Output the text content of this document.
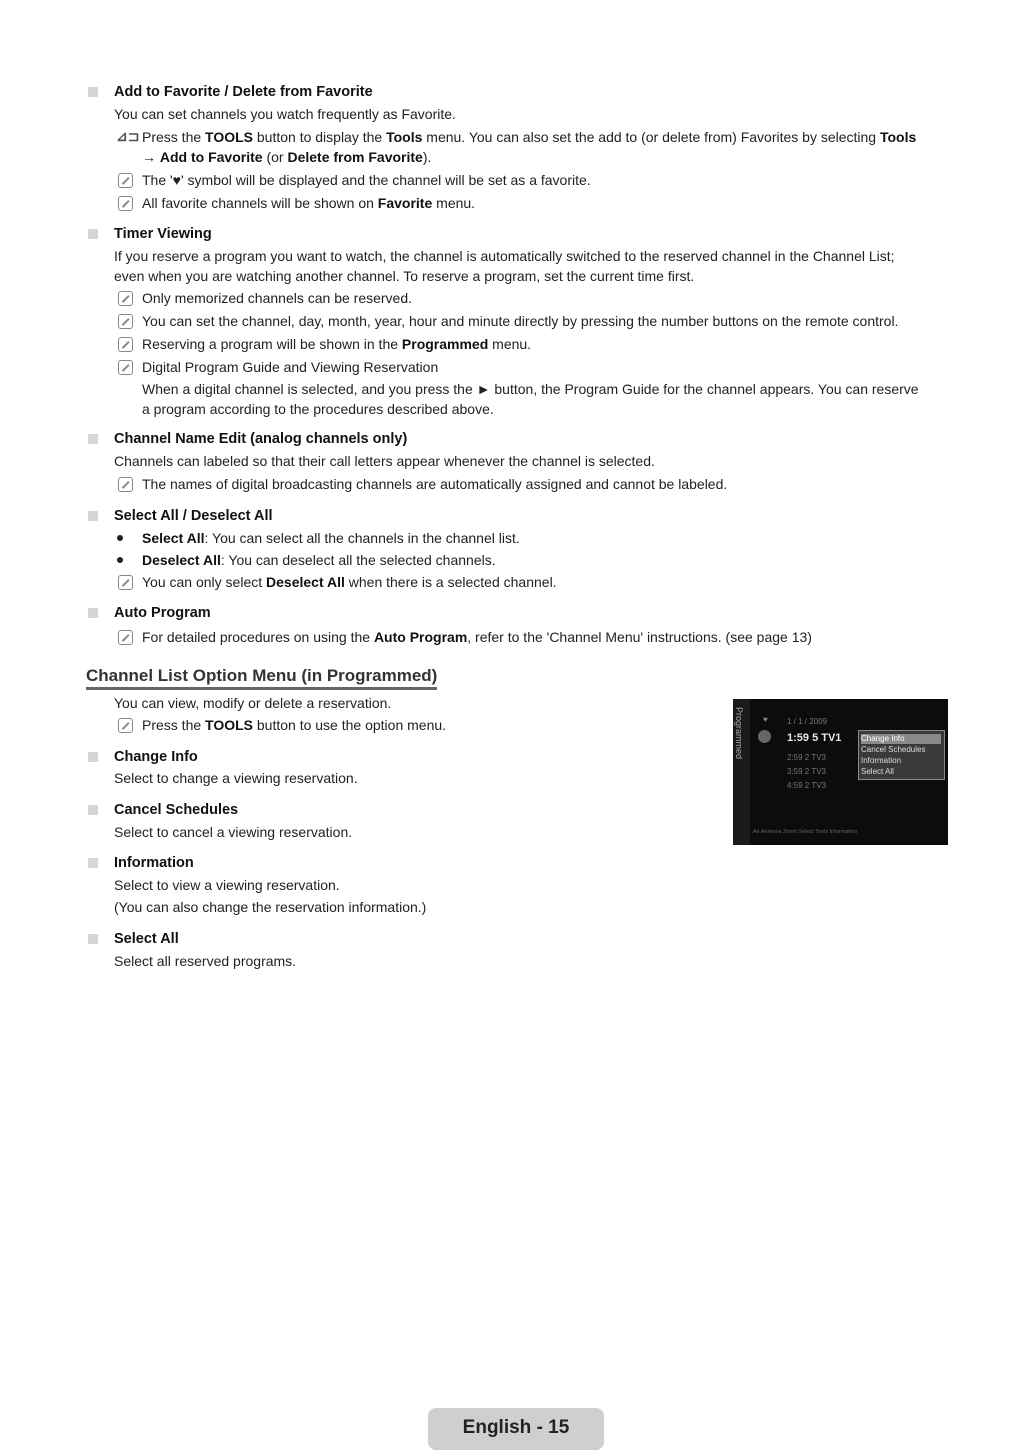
Add to Favorite / Delete from Favorite
You can set channels you watch frequently as Favorite.
⊿⊐ Press the TOOLS button to display the Tools menu. You can also set the add to (or delete from) Favorites by selecting Tools
→ Add to Favorite (or Delete from Favorite).
The '♥' symbol will be displayed and the channel will be set as a favorite.
All favorite channels will be shown on Favorite menu.
Timer Viewing
If you reserve a program you want to watch, the channel is automatically switched to the reserved channel in the Channel List;
even when you are watching another channel. To reserve a program, set the current time first.
Only memorized channels can be reserved.
You can set the channel, day, month, year, hour and minute directly by pressing the number buttons on the remote control.
Reserving a program will be shown in the Programmed menu.
Digital Program Guide and Viewing Reservation
When a digital channel is selected, and you press the ► button, the Program Guide for the channel appears. You can reserve
a program according to the procedures described above.
Channel Name Edit (analog channels only)
Channels can labeled so that their call letters appear whenever the channel is selected.
The names of digital broadcasting channels are automatically assigned and cannot be labeled.
Select All / Deselect All
Select All: You can select all the channels in the channel list.
Deselect All: You can deselect all the selected channels.
You can only select Deselect All when there is a selected channel.
Auto Program
For detailed procedures on using the Auto Program, refer to the 'Channel Menu' instructions. (see page 13)
Channel List Option Menu (in Programmed)
You can view, modify or delete a reservation.
Press the TOOLS button to use the option menu.
Change Info
Select to change a viewing reservation.
Cancel Schedules
Select to cancel a viewing reservation.
Information
Select to view a viewing reservation.
(You can also change the reservation information.)
Select All
Select all reserved programs.
Programmed ♥ 1 / 1 / 2009
1:59 5 TV1
2:59 2 TV3
3:59 2 TV3
4:59 2 TV3
Change Info
Cancel Schedules
Information
Select All
Air Antenna Zoom Select Tools Information
English - 15
